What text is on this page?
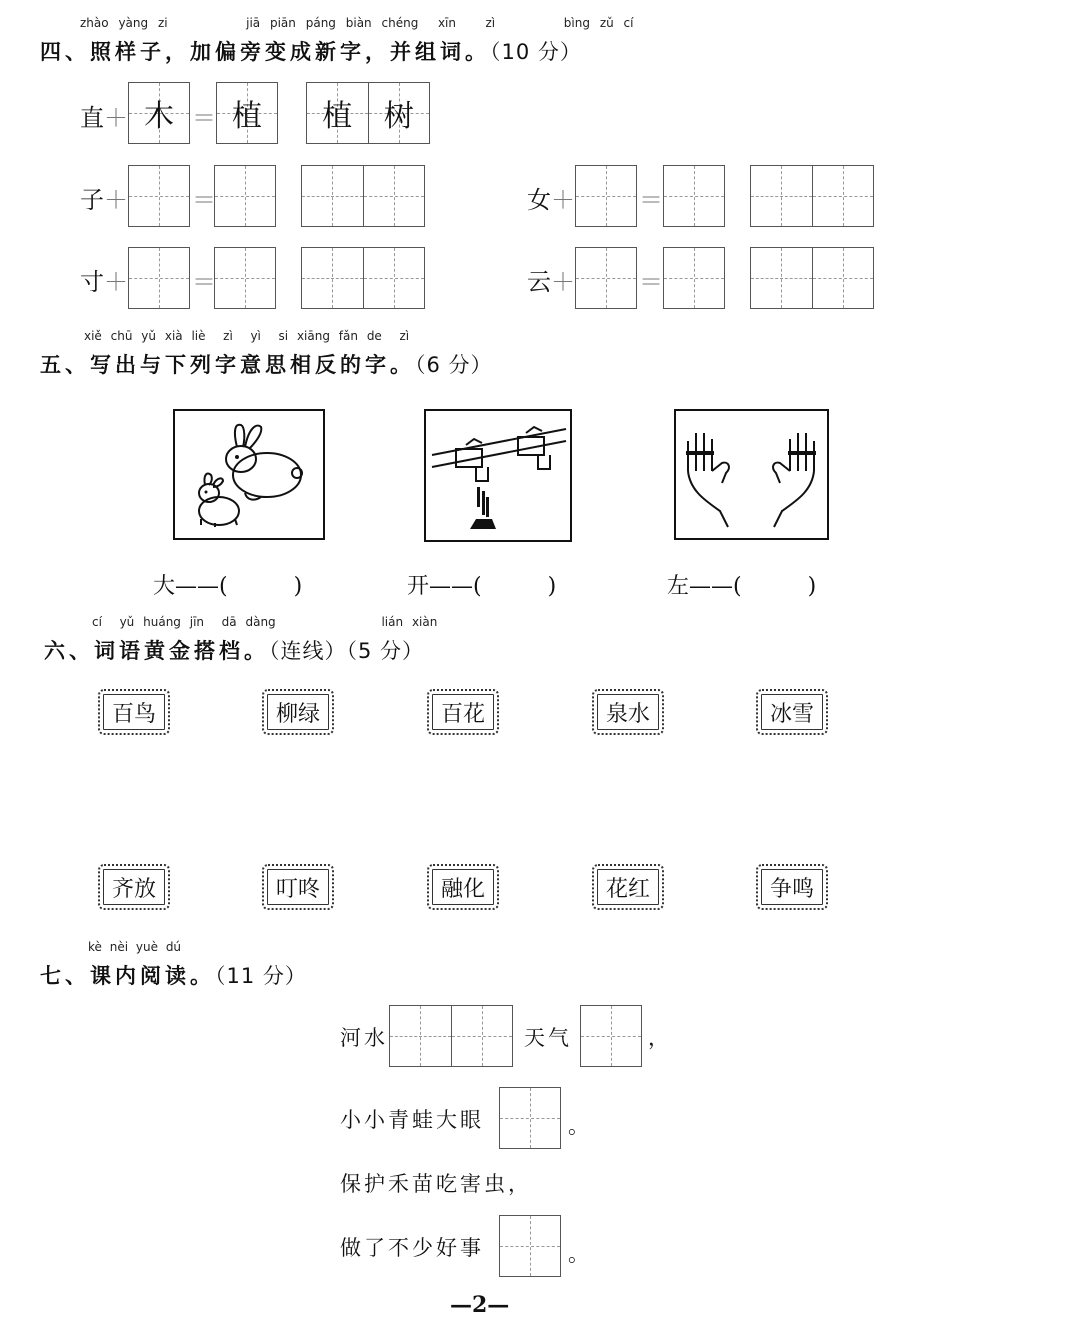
zhào yàng zi	jiā piān páng biàn chéng xīn zì	bìng zǔ cí
四、照样子，加偏旁变成新字，并组词。（10 分）
直＋ 木 ＝ 植	植	树
子＋	＝	女＋	＝
寸＋	＝	云＋	＝
xiě chū yǔ xià liè zì yì si xiāng fǎn de zì
五、写出与下列字意思相反的字。（6 分）
大——(　　　)	开——(　　　)	左——(　　　)
cí yǔ huáng jīn dā dàng	lián xiàn
六、词语黄金搭档。（连线）（5 分）
百鸟	柳绿	百花	泉水	冰雪
齐放	叮咚	融化	花红	争鸣
kè nèi yuè dú
七、课内阅读。（11 分）
河水	天气	，
小小青蛙大眼	。
保护禾苗吃害虫，
做了不少好事	。
—2—
